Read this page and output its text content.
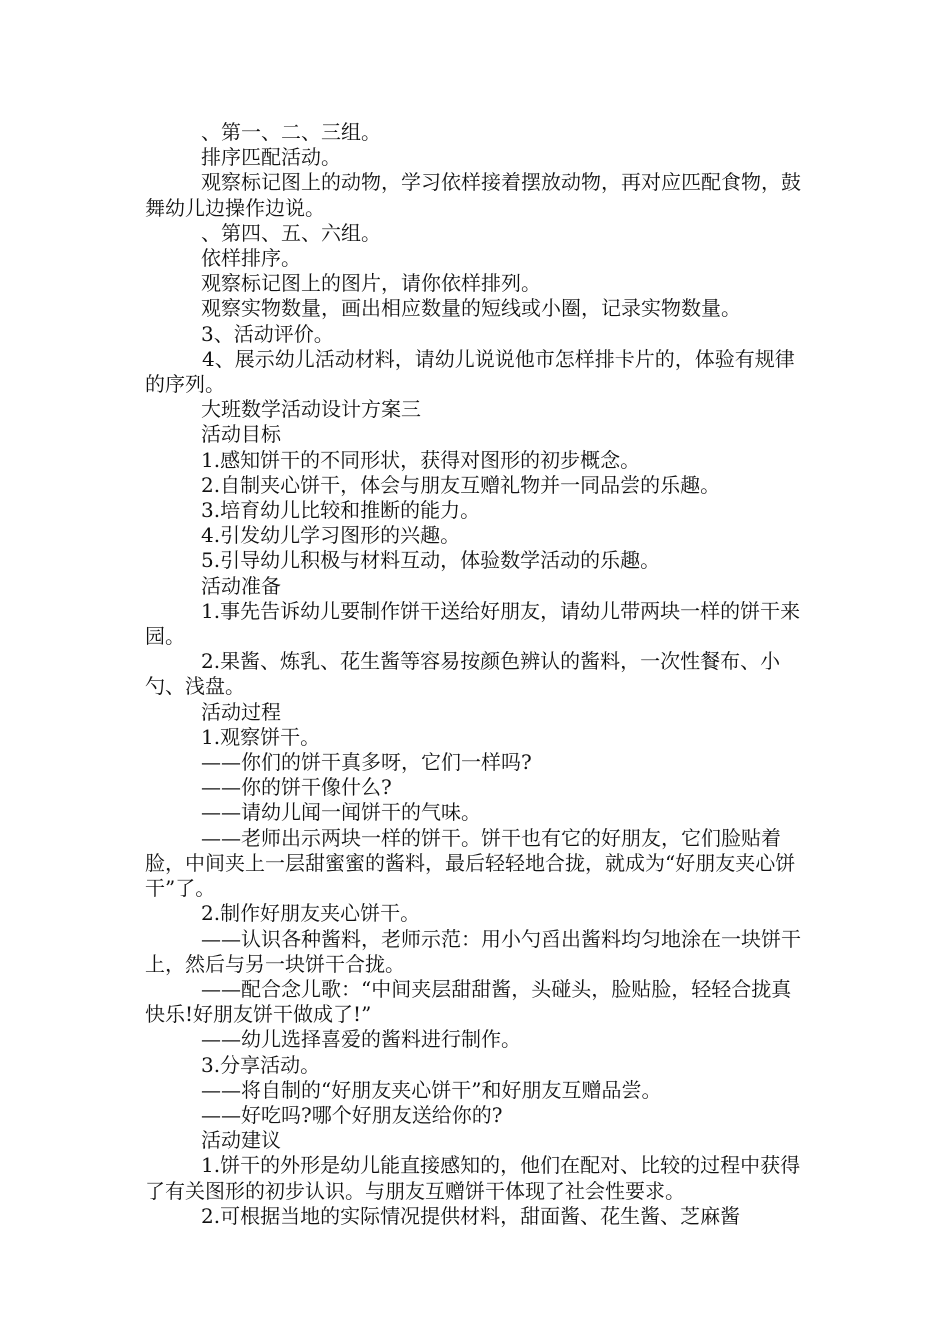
、第一、二、三组。

排序匹配活动。

观察标记图上的动物，学习依样接着摆放动物，再对应匹配食物，鼓舞幼儿边操作边说。

、第四、五、六组。

依样排序。

观察标记图上的图片，请你依样排列。

观察实物数量，画出相应数量的短线或小圈，记录实物数量。

3、活动评价。

4、展示幼儿活动材料，请幼儿说说他市怎样排卡片的，体验有规律的序列。

大班数学活动设计方案三

活动目标

1.感知饼干的不同形状，获得对图形的初步概念。

2.自制夹心饼干，体会与朋友互赠礼物并一同品尝的乐趣。

3.培育幼儿比较和推断的能力。

4.引发幼儿学习图形的兴趣。

5.引导幼儿积极与材料互动，体验数学活动的乐趣。

活动准备

1.事先告诉幼儿要制作饼干送给好朋友，请幼儿带两块一样的饼干来园。

2.果酱、炼乳、花生酱等容易按颜色辨认的酱料，一次性餐布、小勺、浅盘。

活动过程

1.观察饼干。

——你们的饼干真多呀，它们一样吗?

——你的饼干像什么?

——请幼儿闻一闻饼干的气味。

——老师出示两块一样的饼干。饼干也有它的好朋友，它们脸贴着脸，中间夹上一层甜蜜蜜的酱料，最后轻轻地合拢，就成为“好朋友夹心饼干”了。

2.制作好朋友夹心饼干。

——认识各种酱料，老师示范：用小勺舀出酱料均匀地涂在一块饼干上，然后与另一块饼干合拢。

——配合念儿歌：“中间夹层甜甜酱，头碰头，脸贴脸，轻轻合拢真快乐!好朋友饼干做成了!”

——幼儿选择喜爱的酱料进行制作。

3.分享活动。

——将自制的“好朋友夹心饼干”和好朋友互赠品尝。

——好吃吗?哪个好朋友送给你的?

活动建议

1.饼干的外形是幼儿能直接感知的，他们在配对、比较的过程中获得了有关图形的初步认识。与朋友互赠饼干体现了社会性要求。

2.可根据当地的实际情况提供材料，甜面酱、花生酱、芝麻酱
